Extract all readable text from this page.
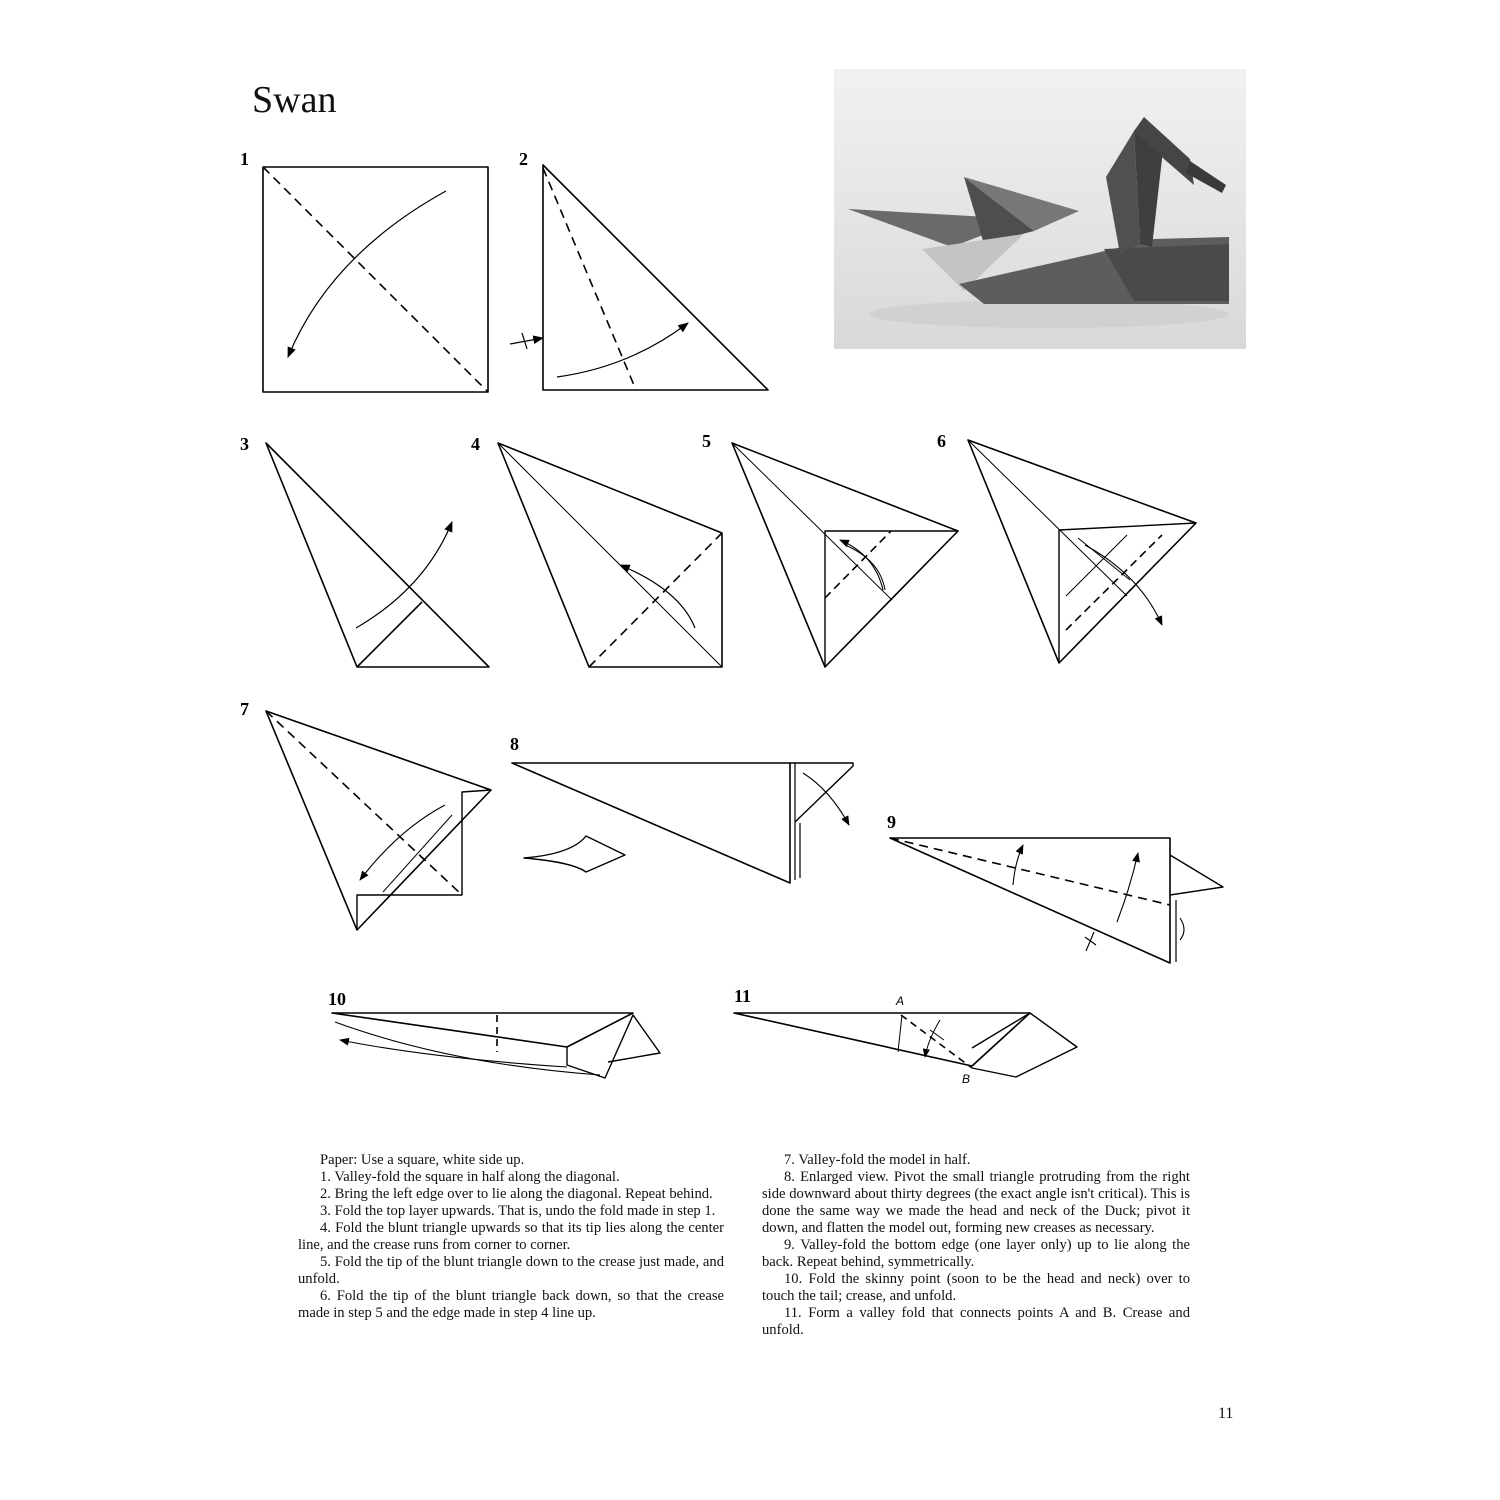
Swan
1	2
3	4	5	6
7
8
9
10	11	A
B

Paper: Use a square, white side up.

1. Valley-fold the square in half along the diagonal.

2. Bring the left edge over to lie along the diagonal. Repeat behind.

3. Fold the top layer upwards. That is, undo the fold made in step 1.

4. Fold the blunt triangle upwards so that its tip lies along the center line, and the crease runs from corner to corner.

5. Fold the tip of the blunt triangle down to the crease just made, and unfold.

6. Fold the tip of the blunt triangle back down, so that the crease made in step 5 and the edge made in step 4 line up.

7. Valley-fold the model in half.

8. Enlarged view. Pivot the small triangle protruding from the right side downward about thirty degrees (the exact angle isn't critical). This is done the same way we made the head and neck of the Duck; pivot it down, and flatten the model out, forming new creases as necessary.

9. Valley-fold the bottom edge (one layer only) up to lie along the back. Repeat behind, symmetrically.

10. Fold the skinny point (soon to be the head and neck) over to touch the tail; crease, and unfold.

11. Form a valley fold that connects points A and B. Crease and unfold.

11
